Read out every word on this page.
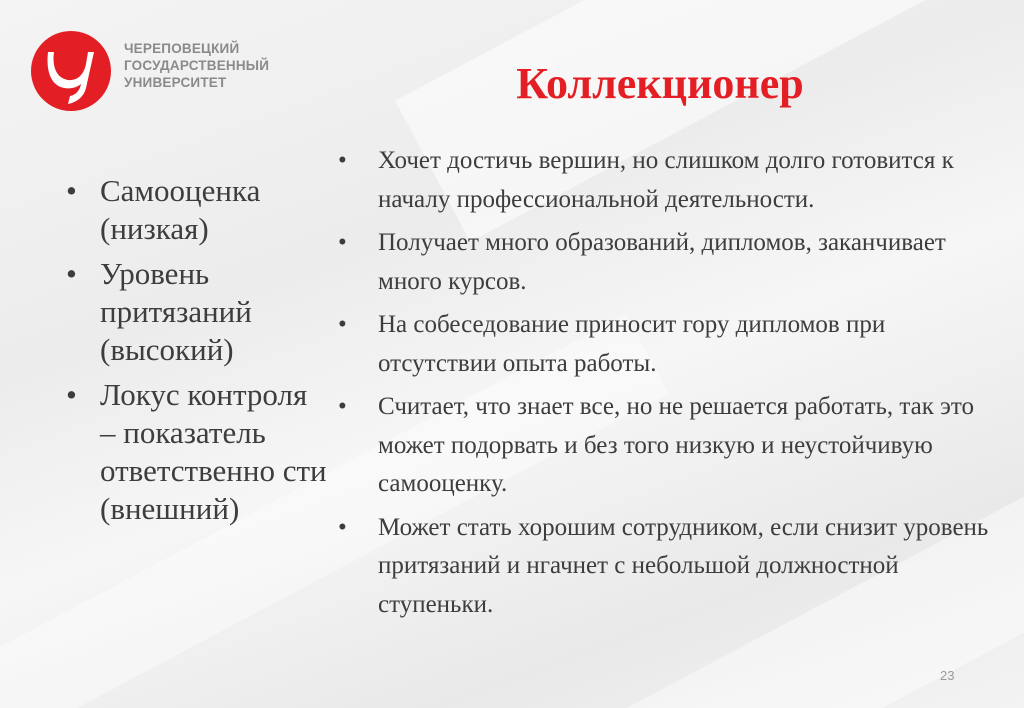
ЧЕРЕПОВЕЦКИЙ
ГОСУДАРСТВЕННЫЙ
УНИВЕРСИТЕТ	Коллекционер
• Самооценка (низкая)
• Уровень притязаний (высокий)
• Локус контроля – показатель ответственно сти (внешний)
• Хочет достичь вершин, но слишком долго готовится к началу профессиональной деятельности.
• Получает много образований, дипломов, заканчивает много курсов.
• На собеседование приносит гору дипломов при отсутствии опыта работы.
• Считает, что знает все, но не решается работать, так это может подорвать и без того низкую и неустойчивую самооценку.
• Может стать хорошим сотрудником, если снизит уровень притязаний и нгачнет с небольшой должностной ступеньки.
23
